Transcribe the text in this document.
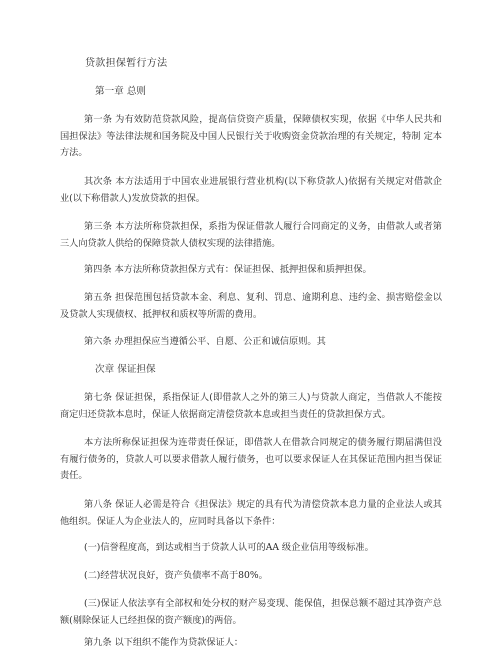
贷款担保暂行方法

第一章 总则

第一条 为有效防范贷款风险，提高信贷资产质量，保障债权实现，依据《中华人民共和国担保法》等法律法规和国务院及中国人民银行关于收购资金贷款治理的有关规定，特制 定本方法。

其次条 本方法适用于中国农业进展银行营业机构(以下称贷款人)依据有关规定对借款企业(以下称借款人)发放贷款的担保。

第三条 本方法所称贷款担保，系指为保证借款人履行合同商定的义务，由借款人或者第三人向贷款人供给的保障贷款人债权实现的法律措施。

第四条 本方法所称贷款担保方式有：保证担保、抵押担保和质押担保。

第五条 担保范围包括贷款本金、利息、复利、罚息、逾期利息、违约金、损害赔偿金以及贷款人实现债权、抵押权和质权等所需的费用。

第六条 办理担保应当遵循公平、自愿、公正和诚信原则。其

次章 保证担保

第七条 保证担保，系指保证人(即借款人之外的第三人)与贷款人商定，当借款人不能按商定归还贷款本息时，保证人依据商定清偿贷款本息或担当责任的贷款担保方式。

本方法所称保证担保为连带责任保证，即借款人在借款合同规定的债务履行期届满但没有履行债务的，贷款人可以要求借款人履行债务，也可以要求保证人在其保证范围内担当保证责任。

第八条 保证人必需是符合《担保法》规定的具有代为清偿贷款本息力量的企业法人或其他组织。保证人为企业法人的，应同时具备以下条件：

(一)信誉程度高，到达或相当于贷款人认可的AA 级企业信用等级标准。

(二)经营状况良好，资产负债率不高于80%。

(三)保证人依法享有全部权和处分权的财产易变现、能保值，担保总额不超过其净资产总额(剔除保证人已经担保的资产额度)的两倍。

第九条 以下组织不能作为贷款保证人：
